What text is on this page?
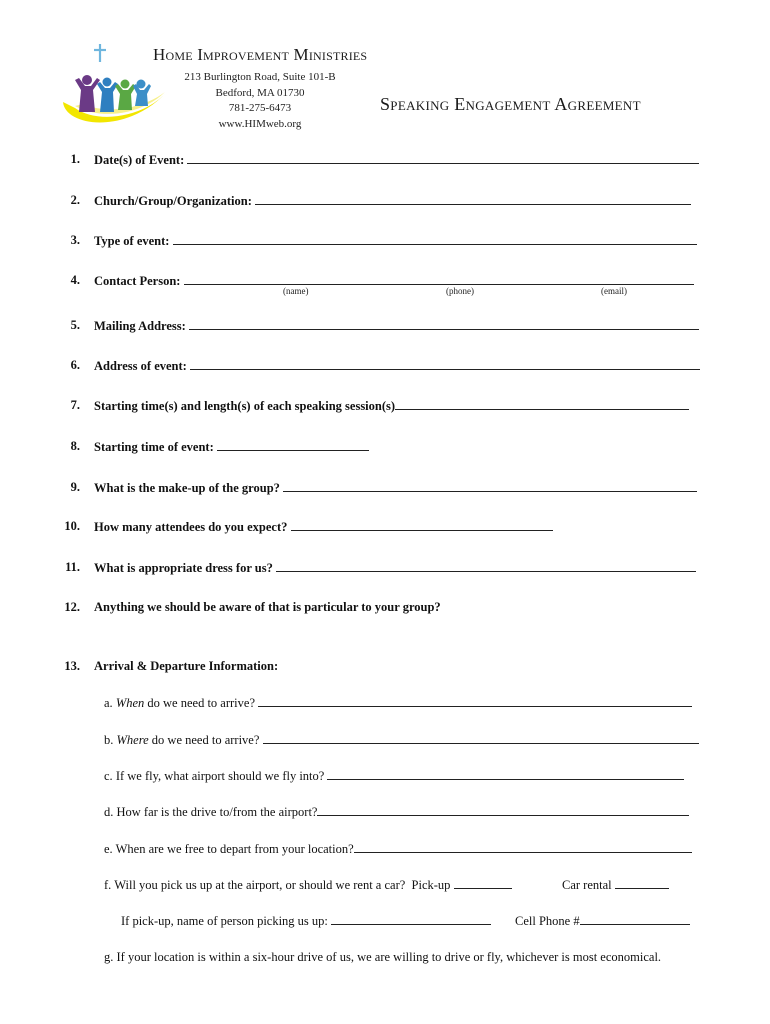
Home Improvement Ministries
213 Burlington Road, Suite 101-B
Bedford, MA 01730
781-275-6473
www.HIMweb.org
Speaking Engagement Agreement
1. Date(s) of Event:
2. Church/Group/Organization:
3. Type of event:
4. Contact Person:
(name)	(phone)	(email)
5. Mailing Address:
6. Address of event:
7. Starting time(s) and length(s) of each speaking session(s)
8. Starting time of event:
9. What is the make-up of the group?
10. How many attendees do you expect?
11. What is appropriate dress for us?
12. Anything we should be aware of that is particular to your group?
13. Arrival & Departure Information:
a. When do we need to arrive?
b. Where do we need to arrive?
c. If we fly, what airport should we fly into?
d. How far is the drive to/from the airport?
e. When are we free to depart from your location?
f. Will you pick us up at the airport, or should we rent a car? Pick-up	Car rental
If pick-up, name of person picking us up:	Cell Phone #
g. If your location is within a six-hour drive of us, we are willing to drive or fly, whichever is most economical.
